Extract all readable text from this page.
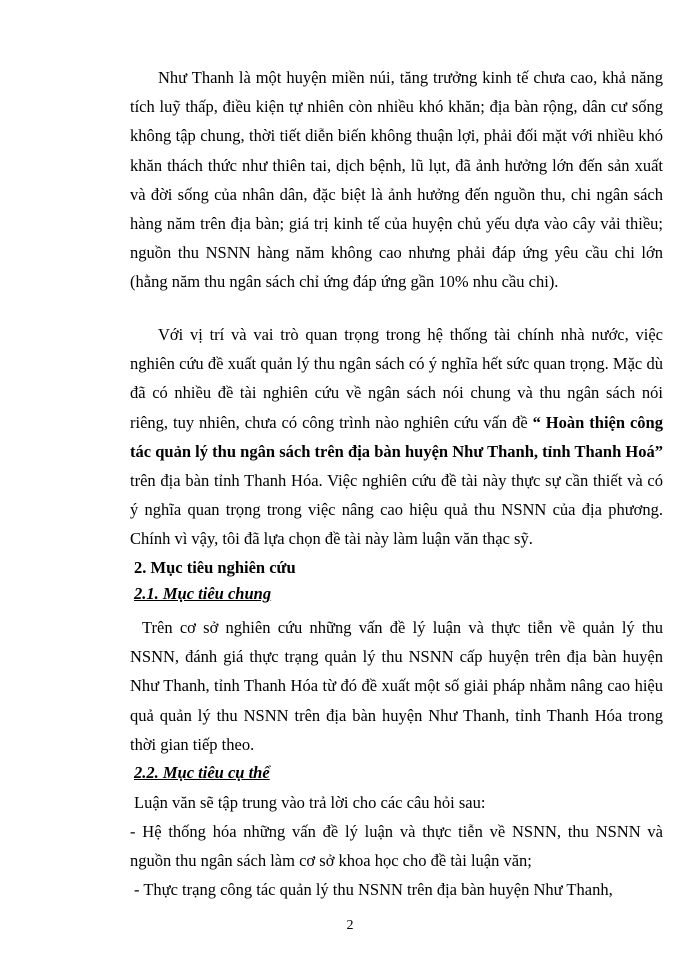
Như Thanh là một huyện miền núi, tăng trưởng kinh tế chưa cao, khả năng tích luỹ thấp, điều kiện tự nhiên còn nhiều khó khăn; địa bàn rộng, dân cư sống không tập chung, thời tiết diễn biến không thuận lợi, phải đối mặt với nhiều khó khăn thách thức như thiên tai, dịch bệnh, lũ lụt, đã ảnh hưởng lớn đến sản xuất và đời sống của nhân dân, đặc biệt là ảnh hưởng đến nguồn thu, chi ngân sách hàng năm trên địa bàn; giá trị kinh tế của huyện chủ yếu dựa vào cây vải thiều; nguồn thu NSNN hàng năm không cao nhưng phải đáp ứng yêu cầu chi lớn (hằng năm thu ngân sách chỉ ứng đáp ứng gần 10% nhu cầu chi).

Với vị trí và vai trò quan trọng trong hệ thống tài chính nhà nước, việc nghiên cứu đề xuất quản lý thu ngân sách có ý nghĩa hết sức quan trọng. Mặc dù đã có nhiều đề tài nghiên cứu về ngân sách nói chung và thu ngân sách nói riêng, tuy nhiên, chưa có công trình nào nghiên cứu vấn đề “ Hoàn thiện công tác quản lý thu ngân sách trên địa bàn huyện Như Thanh, tỉnh Thanh Hoá” trên địa bàn tỉnh Thanh Hóa. Việc nghiên cứu đề tài này thực sự cần thiết và có ý nghĩa quan trọng trong việc nâng cao hiệu quả thu NSNN của địa phương. Chính vì vậy, tôi đã lựa chọn đề tài này làm luận văn thạc sỹ.

2. Mục tiêu nghiên cứu

2.1. Mục tiêu chung

Trên cơ sở nghiên cứu những vấn đề lý luận và thực tiễn về quản lý thu NSNN, đánh giá thực trạng quản lý thu NSNN cấp huyện trên địa bàn huyện Như Thanh, tỉnh Thanh Hóa từ đó đề xuất một số giải pháp nhằm nâng cao hiệu quả quản lý thu NSNN trên địa bàn huyện Như Thanh, tỉnh Thanh Hóa trong thời gian tiếp theo.

2.2. Mục tiêu cụ thể

Luận văn sẽ tập trung vào trả lời cho các câu hỏi sau:

- Hệ thống hóa những vấn đề lý luận và thực tiễn về NSNN, thu NSNN và nguồn thu ngân sách làm cơ sở khoa học cho đề tài luận văn;

- Thực trạng công tác quản lý thu NSNN trên địa bàn huyện Như Thanh,

2
